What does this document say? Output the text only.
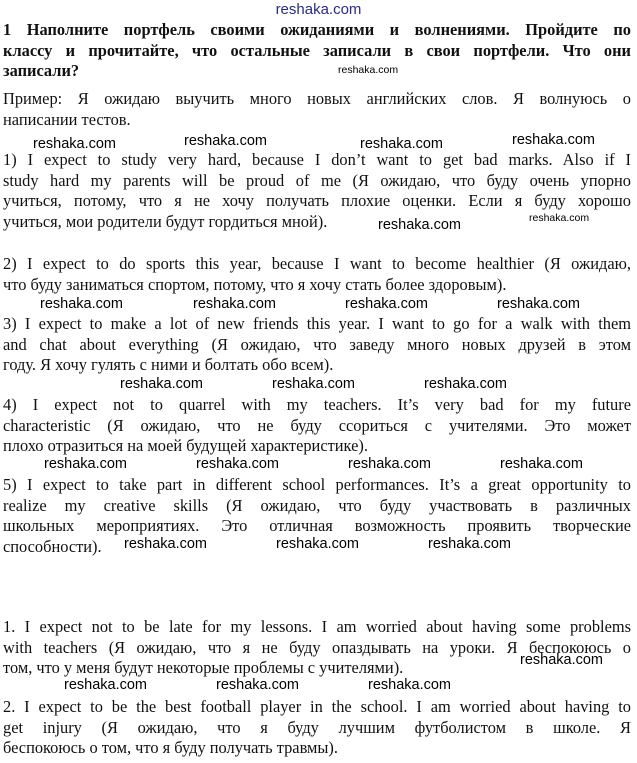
reshaka.com
1 Наполните портфель своими ожиданиями и волнениями. Пройдите по
классу и прочитайте, что остальные записали в свои портфели. Что они
записали?
Пример: Я ожидаю выучить много новых английских слов. Я волнуюсь о
написании тестов.
1) I expect to study very hard, because I don’t want to get bad marks. Also if I
study hard my parents will be proud of me (Я ожидаю, что буду очень упорно
учиться, потому, что я не хочу получать плохие оценки. Если я буду хорошо
учиться, мои родители будут гордиться мной).
2) I expect to do sports this year, because I want to become healthier (Я ожидаю,
что буду заниматься спортом, потому, что я хочу стать более здоровым).
3) I expect to make a lot of new friends this year. I want to go for a walk with them
and chat about everything (Я ожидаю, что заведу много новых друзей в этом
году. Я хочу гулять с ними и болтать обо всем).
4) I expect not to quarrel with my teachers. It’s very bad for my future
characteristic (Я ожидаю, что не буду ссориться с учителями. Это может
плохо отразиться на моей будущей характеристике).
5) I expect to take part in different school performances. It’s a great opportunity to
realize my creative skills (Я ожидаю, что буду участвовать в различных
школьных мероприятиях. Это отличная возможность проявить творческие
способности).
1. I expect not to be late for my lessons. I am worried about having some problems
with teachers (Я ожидаю, что я не буду опаздывать на уроки. Я беспокоюсь о
том, что у меня будут некоторые проблемы с учителями).
2. I expect to be the best football player in the school. I am worried about having to
get injury (Я ожидаю, что я буду лучшим футболистом в школе. Я
беспокоюсь о том, что я буду получать травмы).
reshaka.com
reshaka.com	reshaka.com	reshaka.com	reshaka.com
reshaka.com
reshaka.com
reshaka.com	reshaka.com	reshaka.com	reshaka.com
reshaka.com	reshaka.com	reshaka.com
reshaka.com	reshaka.com	reshaka.com	reshaka.com
reshaka.com	reshaka.com	reshaka.com
reshaka.com
reshaka.com	reshaka.com	reshaka.com
